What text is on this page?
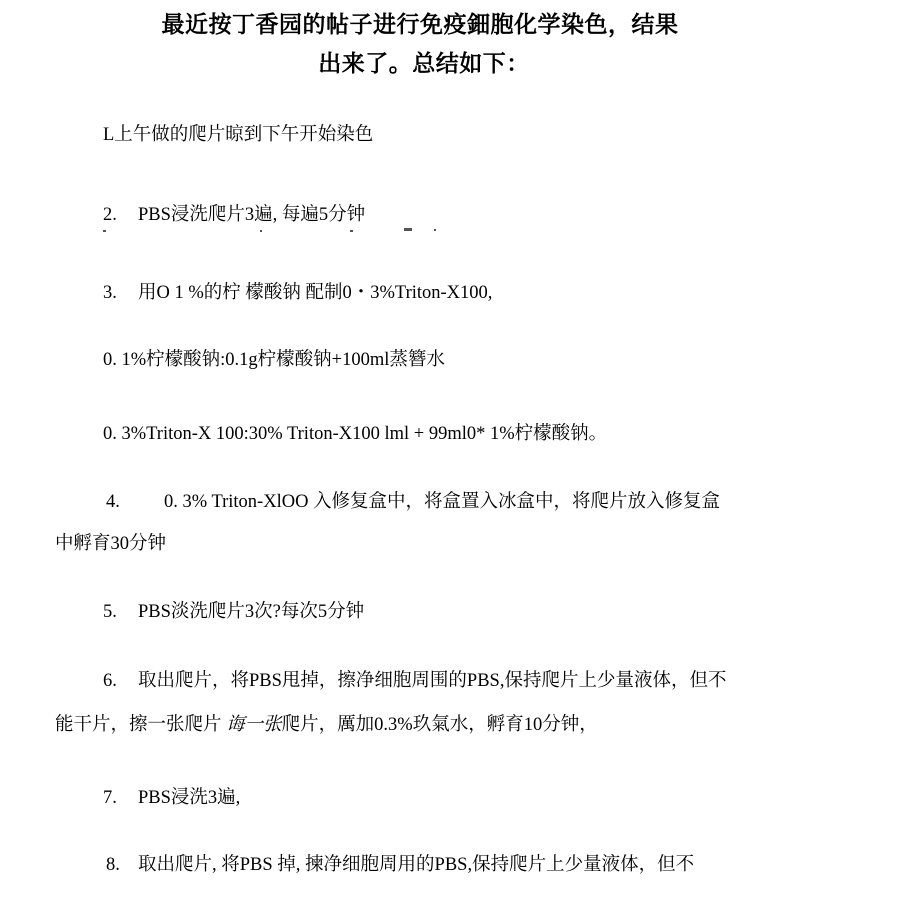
最近按丁香园的帖子进行免疫鈿胞化学染色，结果
出来了。总结如下：
L上午做的爬片晾到下午开始染色
2. PBS浸洗爬片3遍, 每遍5分钟
3. 用O 1 %的柠 檬酸钠 配制0・3%Triton-X100,
0. 1%柠檬酸钠:0.1g柠檬酸钠+100ml蒸簪水
0. 3%Triton-X 100:30% Triton-X100 lml + 99ml0* 1%柠檬酸钠。
4. 0. 3% Triton-XlOO 入修复盒中，将盒置入冰盒中，将爬片放入修复盒
中孵育30分钟
5. PBS淡洗爬片3次?每次5分钟
6. 取出爬片，将PBS甩掉，擦净细胞周围的PBS,保持爬片上少量液体，但不
能干片，擦一张爬片 诲一张爬片，厲加0.3%玖氣水，孵育10分钟，
7. PBS浸洗3遍,
8. 取出爬片, 将PBS 掉, 揀净细胞周用的PBS,保持爬片上少量液体，但不
